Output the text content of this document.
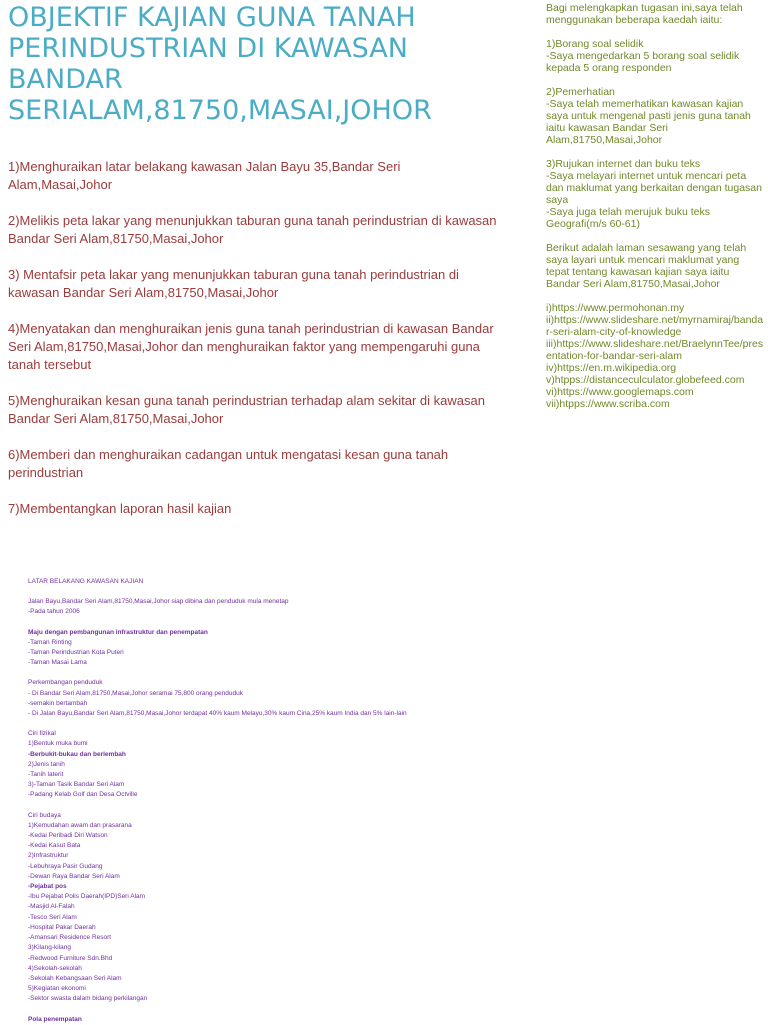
OBJEKTIF KAJIAN GUNA TANAH
PERINDUSTRIAN DI KAWASAN
BANDAR
SERIALAM,81750,MASAI,JOHOR

1)Menghuraikan latar belakang kawasan Jalan Bayu 35,Bandar Seri Alam,Masai,Johor

2)Melikis peta lakar yang menunjukkan taburan guna tanah perindustrian di kawasan Bandar Seri Alam,81750,Masai,Johor

3) Mentafsir peta lakar yang menunjukkan taburan guna tanah perindustrian di kawasan Bandar Seri Alam,81750,Masai,Johor

4)Menyatakan dan menghuraikan jenis guna tanah perindustrian di kawasan Bandar Seri Alam,81750,Masai,Johor dan menghuraikan faktor yang mempengaruhi guna tanah tersebut

5)Menghuraikan kesan guna tanah perindustrian terhadap alam sekitar di kawasan Bandar Seri Alam,81750,Masai,Johor

6)Memberi dan menghuraikan cadangan untuk mengatasi kesan guna tanah perindustrian

7)Membentangkan laporan hasil kajian

Bagi melengkapkan tugasan ini,saya telah menggunakan beberapa kaedah iaitu:

1)Borang soal selidik
-Saya mengedarkan 5 borang soal selidik kepada 5 orang responden
2)Pemerhatian
-Saya telah memerhatikan kawasan kajian saya untuk mengenal pasti jenis guna tanah iaitu kawasan Bandar Seri Alam,81750,Masai,Johor
3)Rujukan internet dan buku teks
-Saya melayari internet untuk mencari peta dan maklumat yang berkaitan dengan tugasan saya
-Saya juga telah merujuk buku teks Geografi(m/s 60-61)

Berikut adalah laman sesawang yang telah saya layari untuk mencari maklumat yang tepat tentang kawasan kajian saya iaitu Bandar Seri Alam,81750,Masai,Johor

i)https://www.permohonan.my
ii)https://www.slideshare.net/myrnamiraj/bandar-seri-alam-city-of-knowledge
iii)https://www.slideshare.net/BraelynnTee/presentation-for-bandar-seri-alam
iv)https://en.m.wikipedia.org
v)htpps://distanceculculator.globefeed.com
vi)https://www.googlemaps.com
vii)htpps://www.scriba.com
LATAR BELAKANG KAWASAN KAJIAN
Jalan Bayu,Bandar Seri Alam,81750,Masai,Johor siap dibina dan penduduk mula menetap
-Pada tahun 2006
Maju dengan pembangunan infrastruktur dan penempatan
-Taman Rinting
-Taman Perindustrian Kota Puteri
-Taman Masai Lama
Perkembangan penduduk
- Di Bandar Seri Alam,81750,Masai,Johor seramai 75,800 orang penduduk
-semakin bertambah
- Di Jalan Bayu,Bandar Seri Alam,81750,Masai,Johor terdapat 40% kaum Melayu,30% kaum Cina,25% kaum India dan 5% lain-lain
Ciri fizikal
1)Bentuk muka bumi
-Berbukit-bukau dan berlembah
2)Jenis tanih
-Tanih laterit
3)-Taman Tasik Bandar Seri Alam
-Padang Kelab Golf dan Desa Octville
Ciri budaya
1)Kemudahan awam dan prasarana
-Kedai Peribadi Diri Watson
-Kedai Kasut Bata
2)Infrastruktur
-Lebuhraya Pasir Gudang
-Dewan Raya Bandar Seri Alam
-Pejabat pos
-Ibu Pejabat Polis Daerah(IPD)Seri Alam
-Masjid Al-Falah
-Tesco Seri Alam
-Hospital Pakar Daerah
-Amansari Residence Resort
3)Kilang-kilang
-Redwood Furniture Sdn.Bhd
4)Sekolah-sekolah
-Sekolah Kebangsaan Seri Alam
5)Kegiatan ekonomi
-Sektor swasta dalam bidang perkilangan
Pola penempatan
